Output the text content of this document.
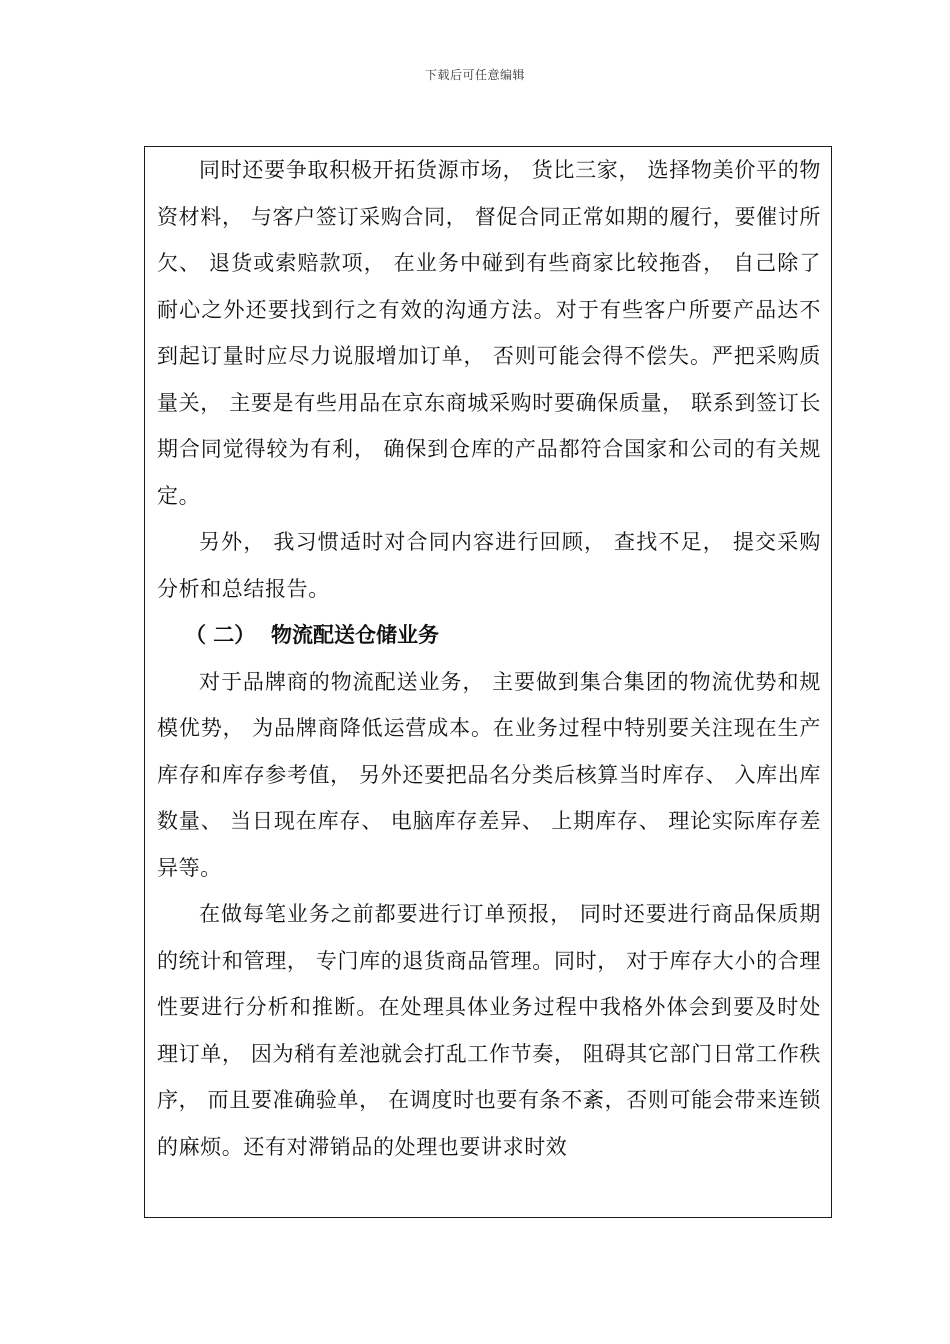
下载后可任意编辑

同时还要争取积极开拓货源市场， 货比三家， 选择物美价平的物资材料， 与客户签订采购合同， 督促合同正常如期的履行，要催讨所欠、 退货或索赔款项， 在业务中碰到有些商家比较拖沓， 自己除了耐心之外还要找到行之有效的沟通方法。对于有些客户所要产品达不到起订量时应尽力说服增加订单， 否则可能会得不偿失。严把采购质量关， 主要是有些用品在京东商城采购时要确保质量， 联系到签订长期合同觉得较为有利， 确保到仓库的产品都符合国家和公司的有关规定。

另外， 我习惯适时对合同内容进行回顾， 查找不足， 提交采购分析和总结报告。

（ 二） 物流配送仓储业务

对于品牌商的物流配送业务， 主要做到集合集团的物流优势和规模优势， 为品牌商降低运营成本。在业务过程中特别要关注现在生产库存和库存参考值， 另外还要把品名分类后核算当时库存、 入库出库数量、 当日现在库存、 电脑库存差异、 上期库存、 理论实际库存差异等。

在做每笔业务之前都要进行订单预报， 同时还要进行商品保质期的统计和管理， 专门库的退货商品管理。同时， 对于库存大小的合理性要进行分析和推断。在处理具体业务过程中我格外体会到要及时处理订单， 因为稍有差池就会打乱工作节奏， 阻碍其它部门日常工作秩序， 而且要准确验单， 在调度时也要有条不紊，否则可能会带来连锁的麻烦。还有对滞销品的处理也要讲求时效
